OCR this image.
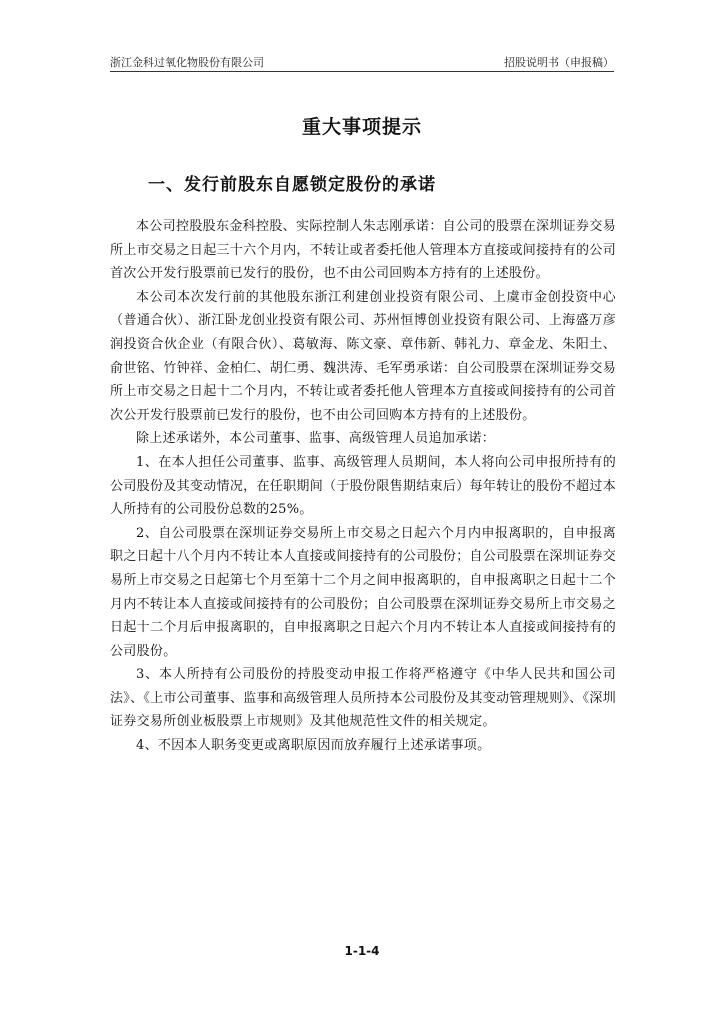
浙江金科过氧化物股份有限公司	招股说明书（申报稿）
重大事项提示
一、发行前股东自愿锁定股份的承诺

本公司控股股东金科控股、实际控制人朱志刚承诺：自公司的股票在深圳证券交易所上市交易之日起三十六个月内，不转让或者委托他人管理本方直接或间接持有的公司首次公开发行股票前已发行的股份，也不由公司回购本方持有的上述股份。

本公司本次发行前的其他股东浙江利建创业投资有限公司、上虞市金创投资中心（普通合伙）、浙江卧龙创业投资有限公司、苏州恒博创业投资有限公司、上海盛万彦润投资合伙企业（有限合伙）、葛敏海、陈文豪、章伟新、韩礼力、章金龙、朱阳土、俞世铭、竹钟祥、金柏仁、胡仁勇、魏洪涛、毛军勇承诺：自公司股票在深圳证券交易所上市交易之日起十二个月内，不转让或者委托他人管理本方直接或间接持有的公司首次公开发行股票前已发行的股份，也不由公司回购本方持有的上述股份。

除上述承诺外，本公司董事、监事、高级管理人员追加承诺：

1、在本人担任公司董事、监事、高级管理人员期间，本人将向公司申报所持有的公司股份及其变动情况，在任职期间（于股份限售期结束后）每年转让的股份不超过本人所持有的公司股份总数的25%。

2、自公司股票在深圳证券交易所上市交易之日起六个月内申报离职的，自申报离职之日起十八个月内不转让本人直接或间接持有的公司股份；自公司股票在深圳证券交易所上市交易之日起第七个月至第十二个月之间申报离职的，自申报离职之日起十二个月内不转让本人直接或间接持有的公司股份；自公司股票在深圳证券交易所上市交易之日起十二个月后申报离职的，自申报离职之日起六个月内不转让本人直接或间接持有的公司股份。

3、本人所持有公司股份的持股变动申报工作将严格遵守《中华人民共和国公司法》、《上市公司董事、监事和高级管理人员所持本公司股份及其变动管理规则》、《深圳证券交易所创业板股票上市规则》及其他规范性文件的相关规定。

4、不因本人职务变更或离职原因而放弃履行上述承诺事项。

1-1-4
